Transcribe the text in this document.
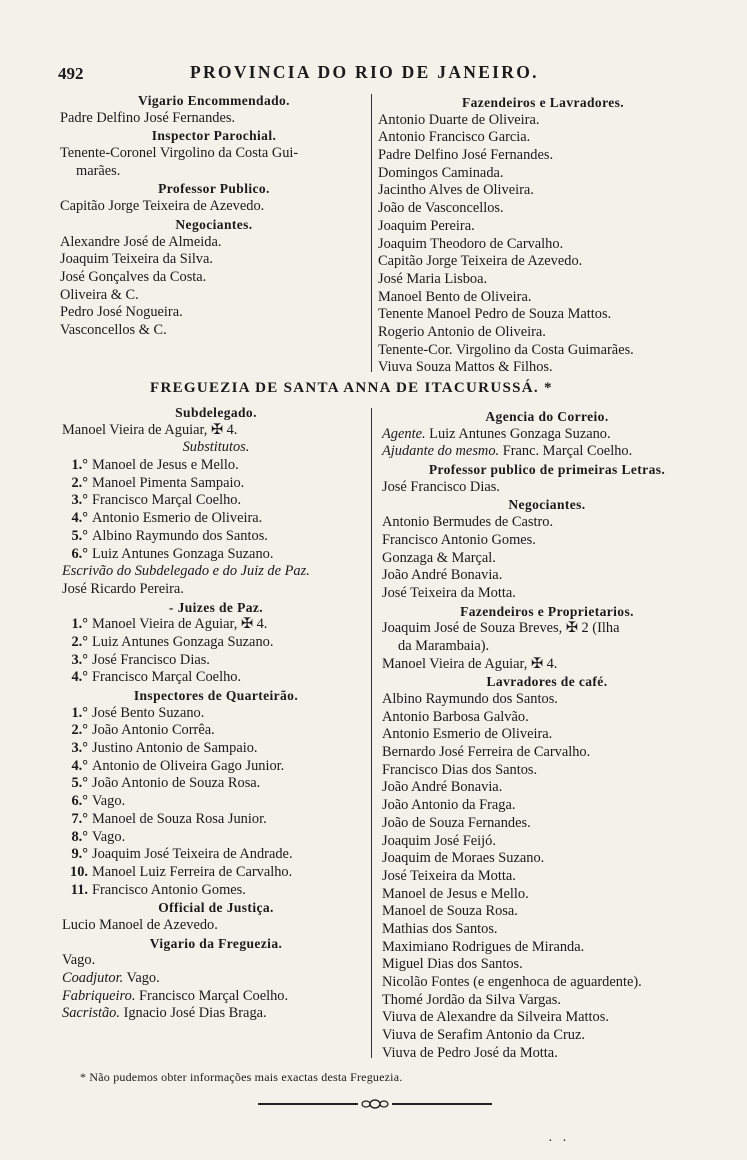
492	PROVINCIA DO RIO DE JANEIRO.
Vigario Encommendado.
Padre Delfino José Fernandes.
Inspector Parochial.
Tenente-Coronel Virgolino da Costa Gui-
marães.
Professor Publico.
Capitão Jorge Teixeira de Azevedo.
Negociantes.
Alexandre José de Almeida.
Joaquim Teixeira da Silva.
José Gonçalves da Costa.
Oliveira & C.
Pedro José Nogueira.
Vasconcellos & C.
Fazendeiros e Lavradores.
Antonio Duarte de Oliveira.
Antonio Francisco Garcia.
Padre Delfino José Fernandes.
Domingos Caminada.
Jacintho Alves de Oliveira.
João de Vasconcellos.
Joaquim Pereira.
Joaquim Theodoro de Carvalho.
Capitão Jorge Teixeira de Azevedo.
José Maria Lisboa.
Manoel Bento de Oliveira.
Tenente Manoel Pedro de Souza Mattos.
Rogerio Antonio de Oliveira.
Tenente-Cor. Virgolino da Costa Guimarães.
Viuva Souza Mattos & Filhos.
FREGUEZIA DE SANTA ANNA DE ITACURUSSÁ. *
Subdelegado.
Manoel Vieira de Aguiar, ✠ 4.
Substitutos.
1.° Manoel de Jesus e Mello.
2.° Manoel Pimenta Sampaio.
3.° Francisco Marçal Coelho.
4.° Antonio Esmerio de Oliveira.
5.° Albino Raymundo dos Santos.
6.° Luiz Antunes Gonzaga Suzano.
Escrivão do Subdelegado e do Juiz de Paz.
José Ricardo Pereira.
- Juizes de Paz.
1.° Manoel Vieira de Aguiar, ✠ 4.
2.° Luiz Antunes Gonzaga Suzano.
3.° José Francisco Dias.
4.° Francisco Marçal Coelho.
Inspectores de Quarteirão.
1.° José Bento Suzano.
2.° João Antonio Corrêa.
3.° Justino Antonio de Sampaio.
4.° Antonio de Oliveira Gago Junior.
5.° João Antonio de Souza Rosa.
6.° Vago.
7.° Manoel de Souza Rosa Junior.
8.° Vago.
9.° Joaquim José Teixeira de Andrade.
10. Manoel Luiz Ferreira de Carvalho.
11. Francisco Antonio Gomes.
Official de Justiça.
Lucio Manoel de Azevedo.
Vigario da Freguezia.
Vago.
Coadjutor. Vago.
Fabriqueiro. Francisco Marçal Coelho.
Sacristão. Ignacio José Dias Braga.
Agencia do Correio.
Agente. Luiz Antunes Gonzaga Suzano.
Ajudante do mesmo. Franc. Marçal Coelho.
Professor publico de primeiras Letras.
José Francisco Dias.
Negociantes.
Antonio Bermudes de Castro.
Francisco Antonio Gomes.
Gonzaga & Marçal.
João André Bonavia.
José Teixeira da Motta.
Fazendeiros e Proprietarios.
Joaquim José de Souza Breves, ✠ 2 (Ilha
da Marambaia).
Manoel Vieira de Aguiar, ✠ 4.
Lavradores de café.
Albino Raymundo dos Santos.
Antonio Barbosa Galvão.
Antonio Esmerio de Oliveira.
Bernardo José Ferreira de Carvalho.
Francisco Dias dos Santos.
João André Bonavia.
João Antonio da Fraga.
João de Souza Fernandes.
Joaquim José Feijó.
Joaquim de Moraes Suzano.
José Teixeira da Motta.
Manoel de Jesus e Mello.
Manoel de Souza Rosa.
Mathias dos Santos.
Maximiano Rodrigues de Miranda.
Miguel Dias dos Santos.
Nicolão Fontes (e engenhoca de aguardente).
Thomé Jordão da Silva Vargas.
Viuva de Alexandre da Silveira Mattos.
Viuva de Serafim Antonio da Cruz.
Viuva de Pedro José da Motta.
* Não pudemos obter informações mais exactas desta Freguezia.
· ·
